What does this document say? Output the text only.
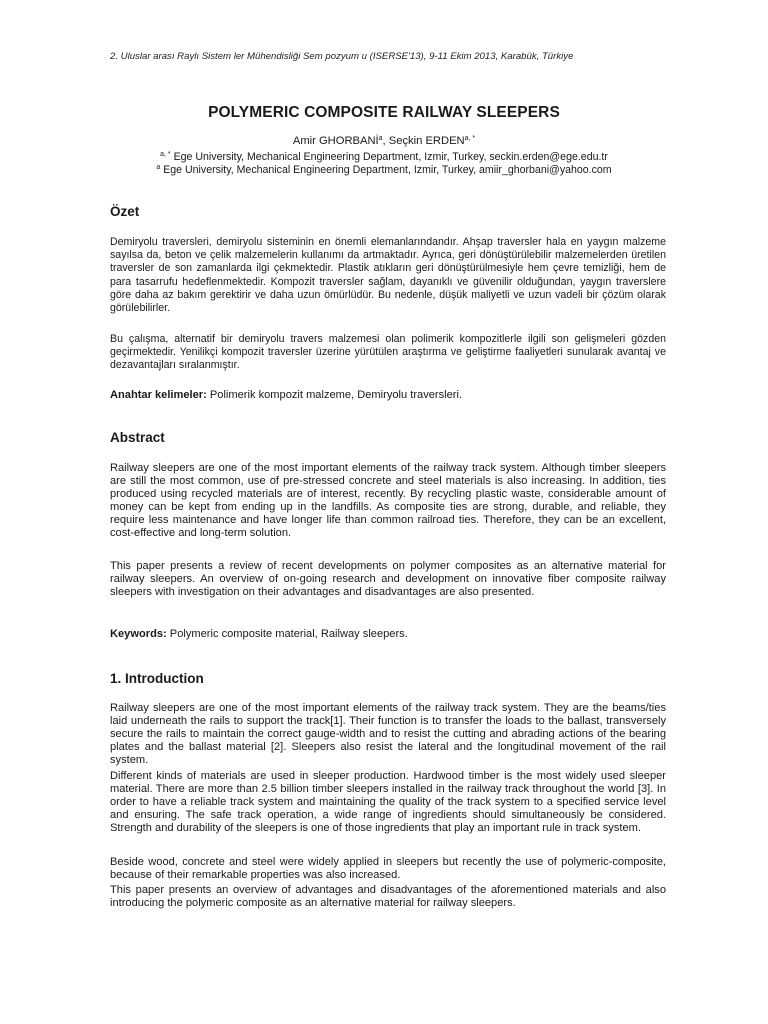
2. Uluslar arası Raylı Sistem ler Mühendisliği Sem pozyum u (ISERSE'13), 9-11 Ekim 2013, Karabük, Türkiye
POLYMERIC COMPOSITE RAILWAY SLEEPERS
Amir GHORBANİ$^a$, Seçkin $ERDEN^{a, *}$
$^{a, *}$ Ege University, Mechanical Engineering Department, Izmir, Turkey, seckin.erden@ege.edu.tr
$^a$ Ege University, Mechanical Engineering Department, Izmir, Turkey, amiir_ghorbani@yahoo.com
Özet

Demiryolu traversleri, demiryolu sisteminin en önemli elemanlarındandır. Ahşap traversler hala en yaygın malzeme sayılsa da, beton ve çelik malzemelerin kullanımı da artmaktadır. Ayrıca, geri dönüştürülebilir malzemelerden üretilen traversler de son zamanlarda ilgi çekmektedir. Plastik atıkların geri dönüştürülmesiyle hem çevre temizliği, hem de para tasarrufu hedeflenmektedir. Kompozit traversler sağlam, dayanıklı ve güvenilir olduğundan, yaygın traverslere göre daha az bakım gerektirir ve daha uzun ömürlüdür. Bu nedenle, düşük maliyetli ve uzun vadeli bir çözüm olarak görülebilirler.

Bu çalışma, alternatif bir demiryolu travers malzemesi olan polimerik kompozitlerle ilgili son gelişmeleri gözden geçirmektedir. Yenilikçi kompozit traversler üzerine yürütülen araştırma ve geliştirme faaliyetleri sunularak avantaj ve dezavantajları sıralanmıştır.

Anahtar kelimeler: Polimerik kompozit malzeme, Demiryolu traversleri.
Abstract

Railway sleepers are one of the most important elements of the railway track system. Although timber sleepers are still the most common, use of pre-stressed concrete and steel materials is also increasing. In addition, ties produced using recycled materials are of interest, recently. By recycling plastic waste, considerable amount of money can be kept from ending up in the landfills. As composite ties are strong, durable, and reliable, they require less maintenance and have longer life than common railroad ties. Therefore, they can be an excellent, cost-effective and long-term solution.

This paper presents a review of recent developments on polymer composites as an alternative material for railway sleepers. An overview of on-going research and development on innovative fiber composite railway sleepers with investigation on their advantages and disadvantages are also presented.

Keywords: Polymeric composite material, Railway sleepers.
1. Introduction

Railway sleepers are one of the most important elements of the railway track system. They are the beams/ties laid underneath the rails to support the track[1]. Their function is to transfer the loads to the ballast, transversely secure the rails to maintain the correct gauge-width and to resist the cutting and abrading actions of the bearing plates and the ballast material [2]. Sleepers also resist the lateral and the longitudinal movement of the rail system.

Different kinds of materials are used in sleeper production. Hardwood timber is the most widely used sleeper material. There are more than 2.5 billion timber sleepers installed in the railway track throughout the world [3]. In order to have a reliable track system and maintaining the quality of the track system to a specified service level and ensuring. The safe track operation, a wide range of ingredients should simultaneously be considered. Strength and durability of the sleepers is one of those ingredients that play an important rule in track system.

Beside wood, concrete and steel were widely applied in sleepers but recently the use of polymeric-composite, because of their remarkable properties was also increased.

This paper presents an overview of advantages and disadvantages of the aforementioned materials and also introducing the polymeric composite as an alternative material for railway sleepers.
